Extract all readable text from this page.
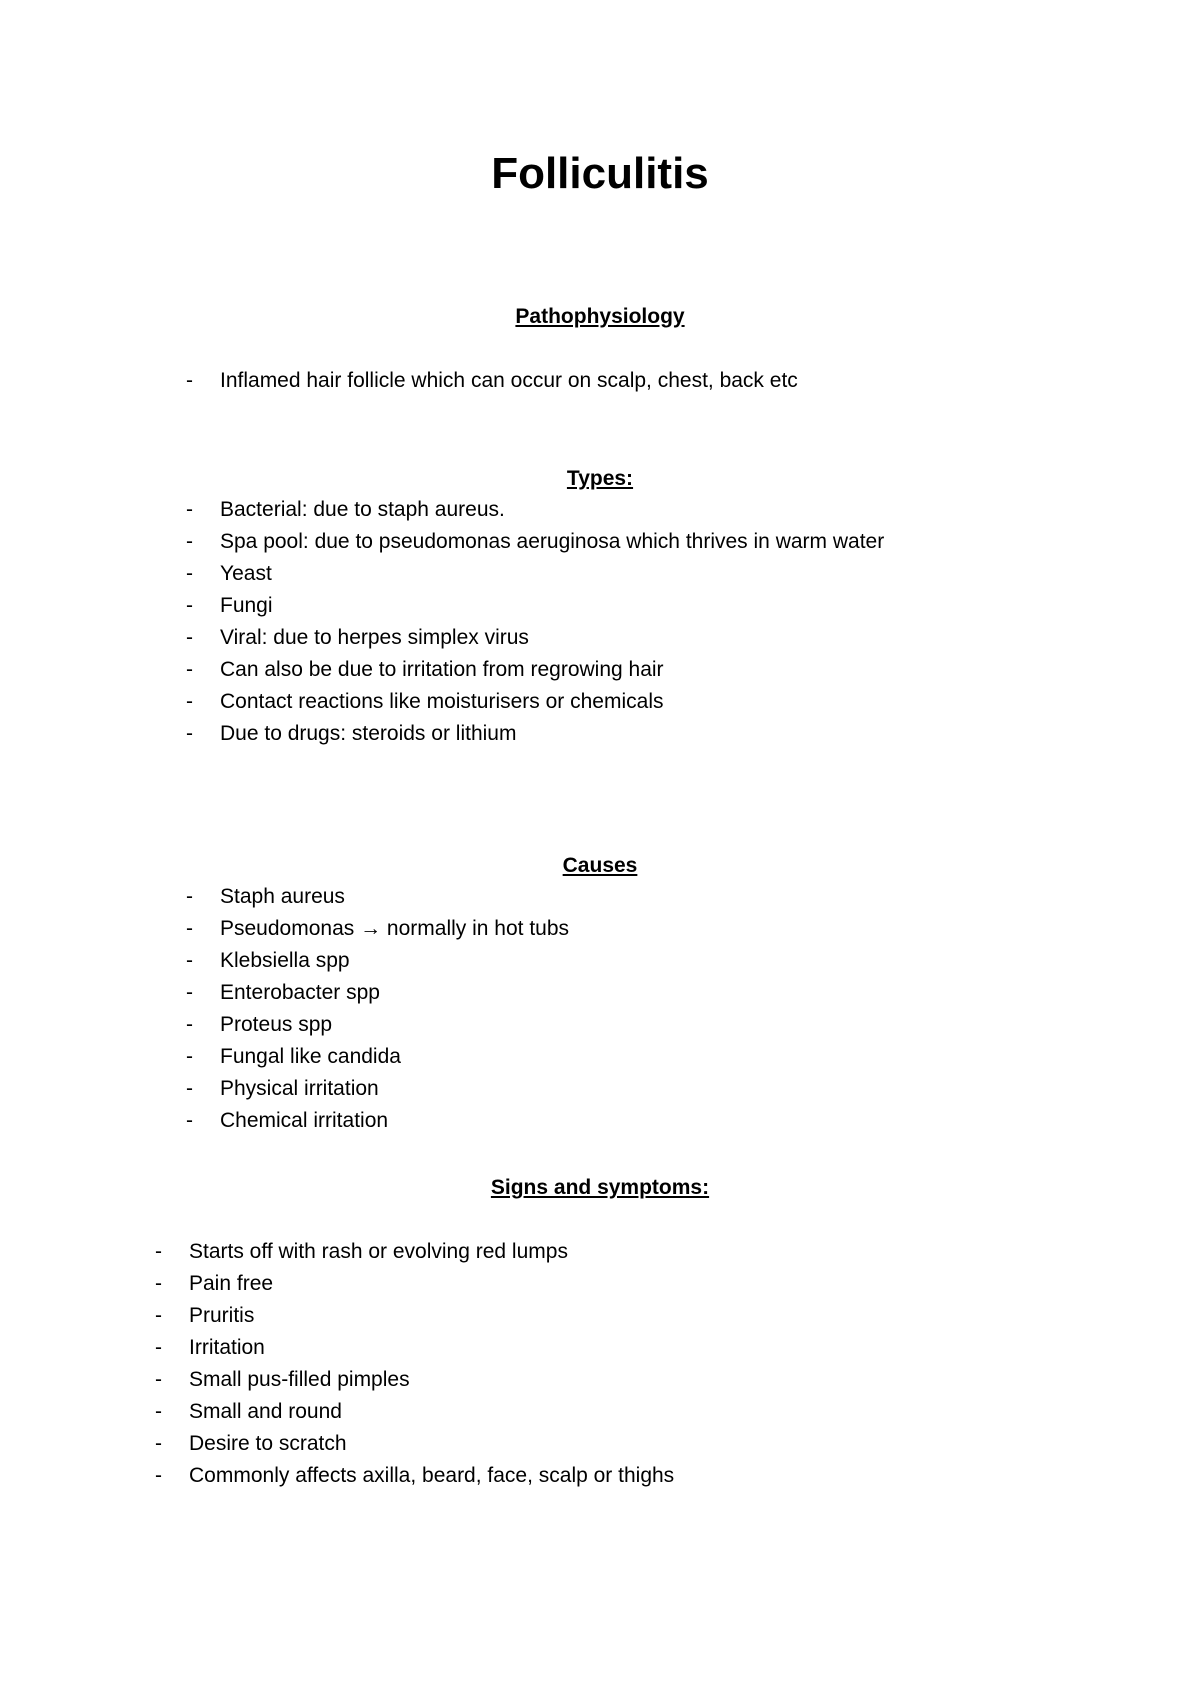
Folliculitis
Pathophysiology
- Inflamed hair follicle which can occur on scalp, chest, back etc
Types:
- Bacterial: due to staph aureus.
- Spa pool: due to pseudomonas aeruginosa which thrives in warm water
- Yeast
- Fungi
- Viral: due to herpes simplex virus
- Can also be due to irritation from regrowing hair
- Contact reactions like moisturisers or chemicals
- Due to drugs: steroids or lithium
Causes
- Staph aureus
- Pseudomonas → normally in hot tubs
- Klebsiella spp
- Enterobacter spp
- Proteus spp
- Fungal like candida
- Physical irritation
- Chemical irritation
Signs and symptoms:
- Starts off with rash or evolving red lumps
- Pain free
- Pruritis
- Irritation
- Small pus-filled pimples
- Small and round
- Desire to scratch
- Commonly affects axilla, beard, face, scalp or thighs
